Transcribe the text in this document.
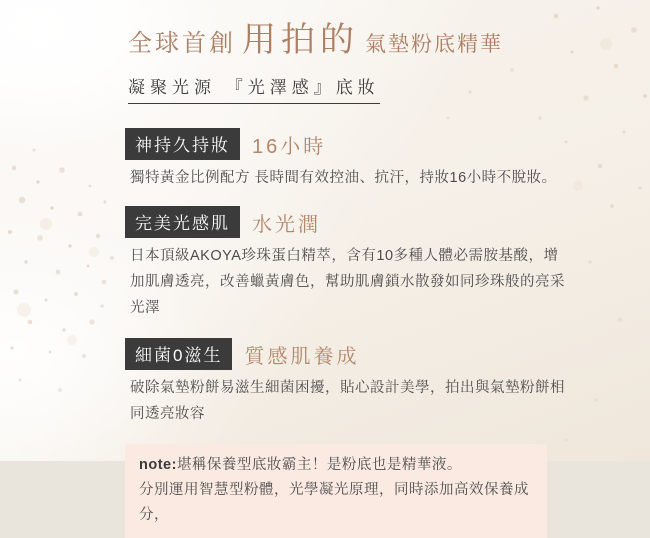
全球首創 用拍的 氣墊粉底精華
凝聚光源 『光澤感』底妝
神持久持妝	16小時
獨特黃金比例配方 長時間有效控油、抗汗，持妝16小時不脫妝。
完美光感肌	水光潤
日本頂級AKOYA珍珠蛋白精萃，含有10多種人體必需胺基酸，增加肌膚透亮，改善蠟黃膚色，幫助肌膚鎖水散發如同珍珠般的亮采光澤
細菌0滋生	質感肌養成
破除氣墊粉餅易滋生細菌困擾，貼心設計美學，拍出與氣墊粉餅相同透亮妝容
note:堪稱保養型底妝霸主！是粉底也是精華液。
分別運用智慧型粉體，光學凝光原理，同時添加高效保養成分，
